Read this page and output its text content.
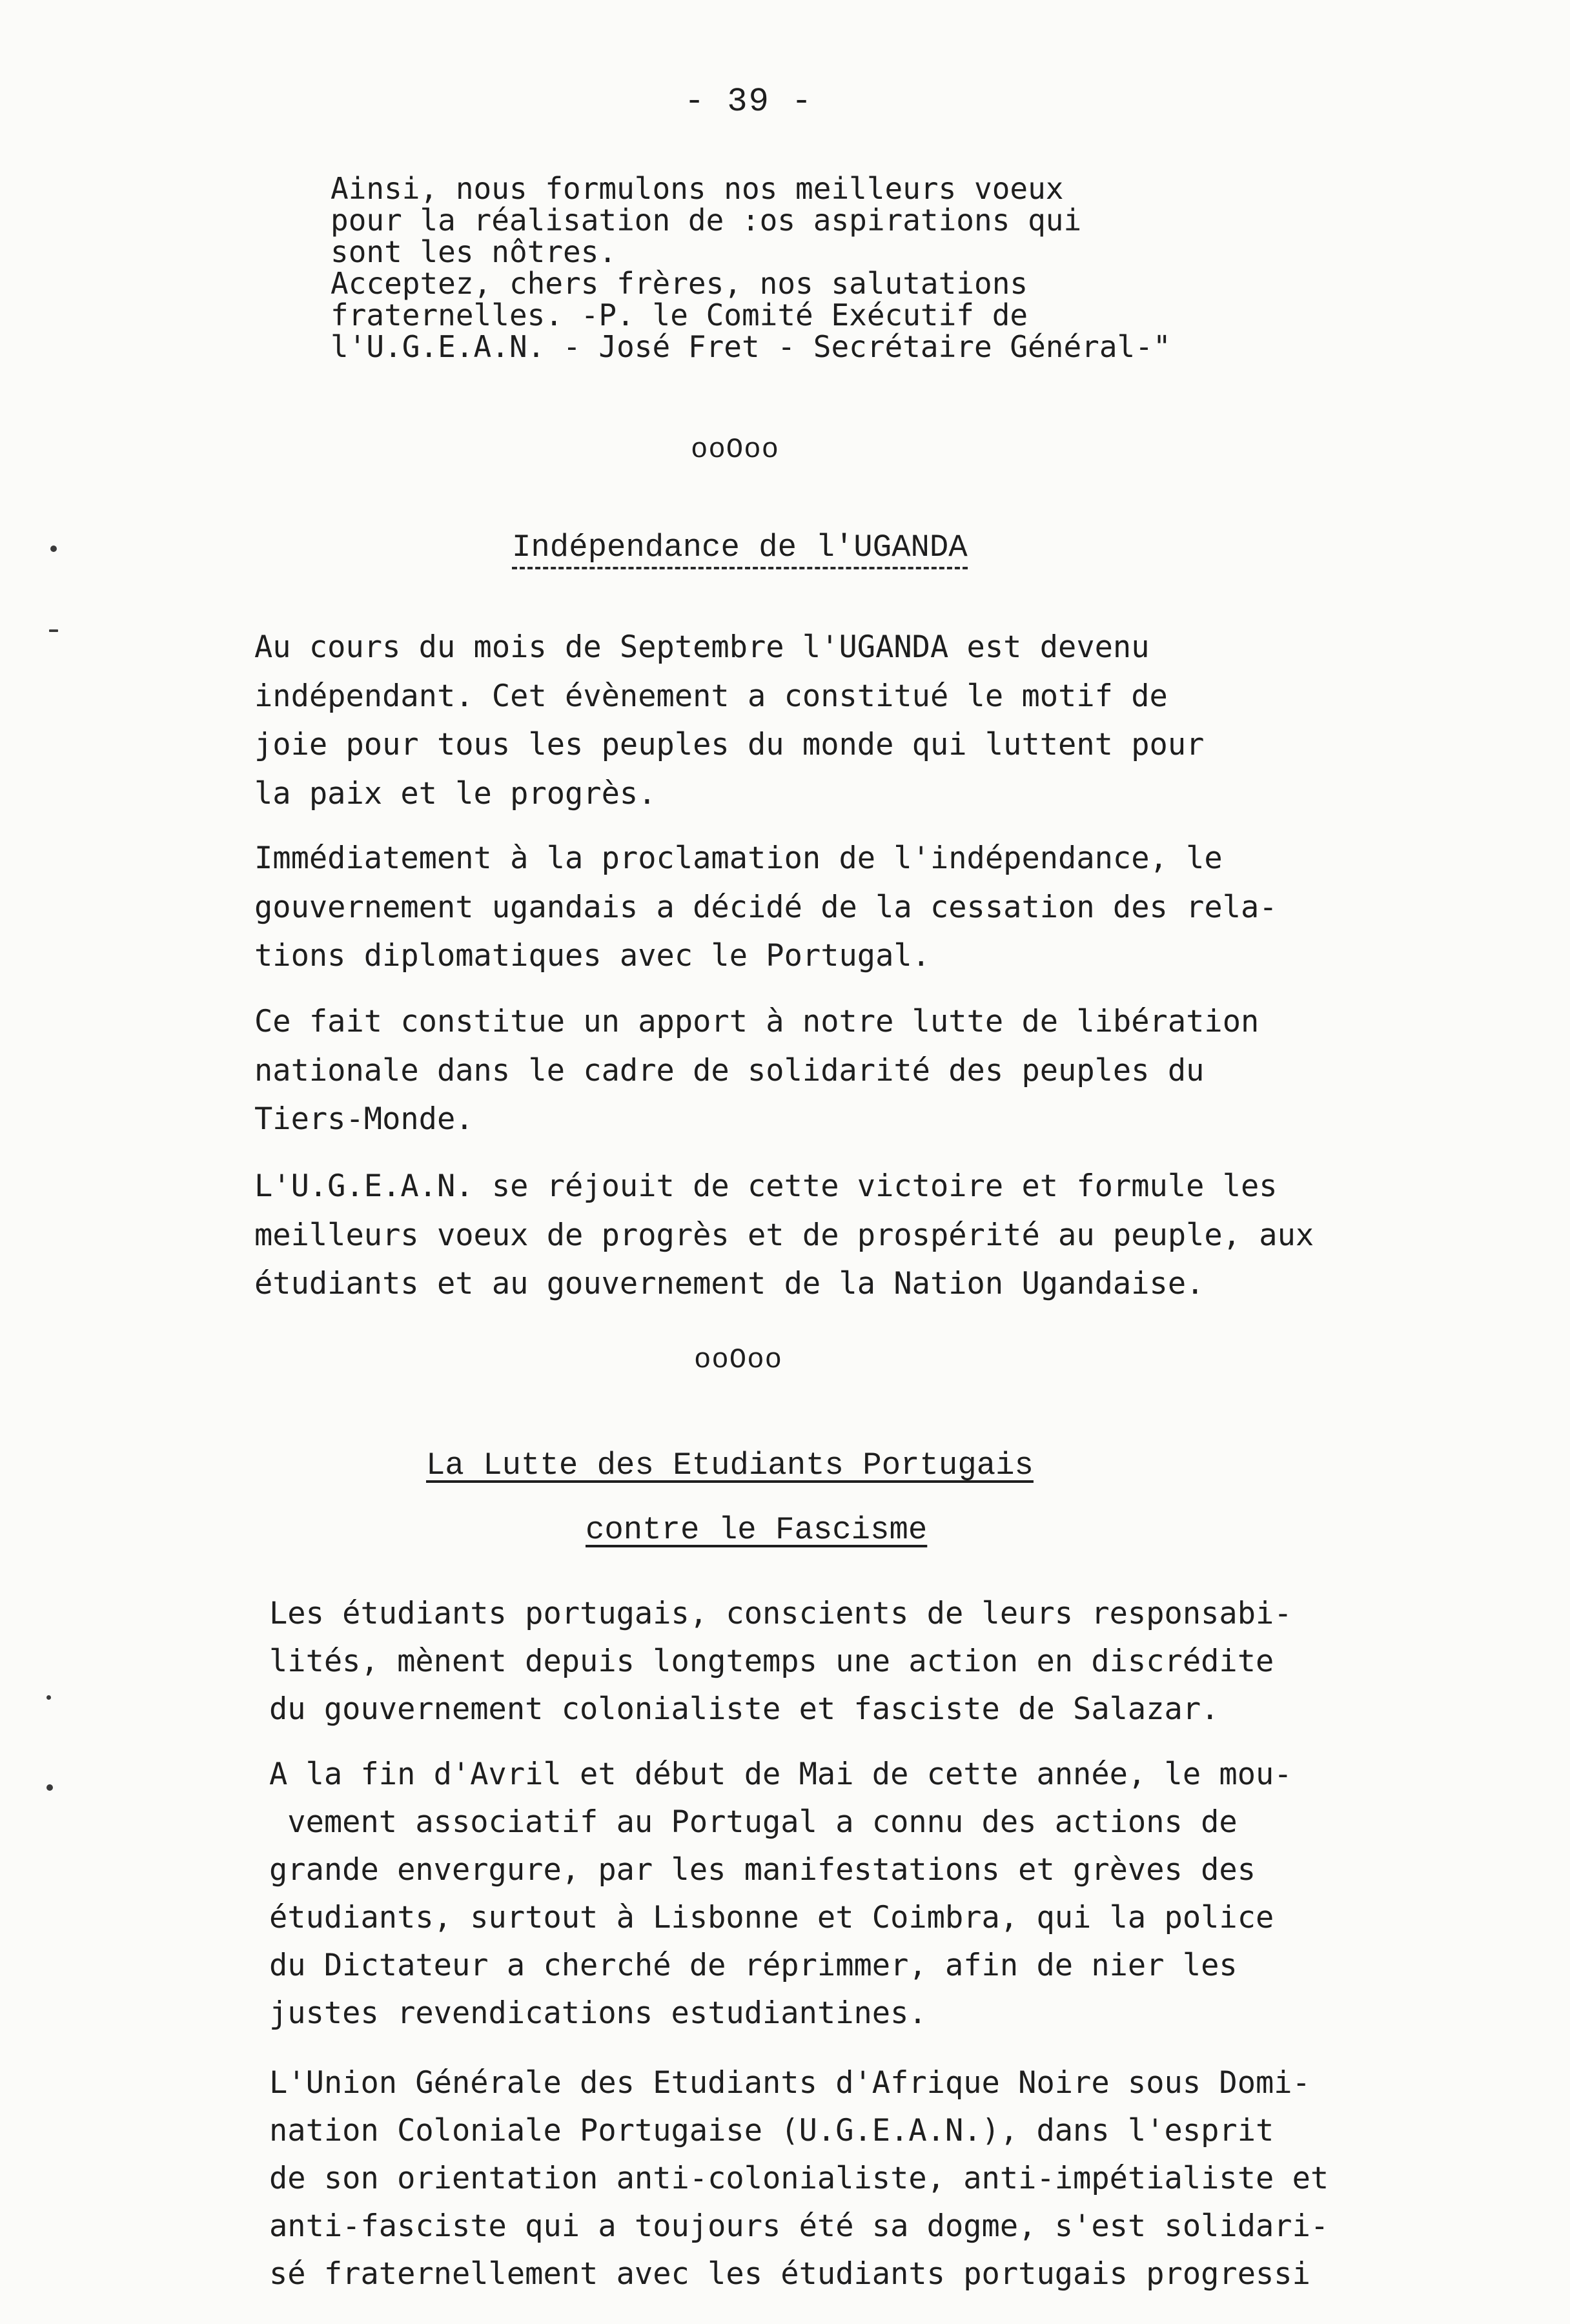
- 39 -
Ainsi, nous formulons nos meilleurs voeux
pour la réalisation de :os aspirations qui
sont les nôtres.
Acceptez, chers frères, nos salutations
fraternelles. -P. le Comité Exécutif de
l'U.G.E.A.N. - José Fret - Secrétaire Général-"
ooOoo
Indépendance de l'UGANDA
Au cours du mois de Septembre l'UGANDA est devenu
indépendant. Cet évènement a constitué le motif de
joie pour tous les peuples du monde qui luttent pour
la paix et le progrès.
Immédiatement à la proclamation de l'indépendance, le
gouvernement ugandais a décidé de la cessation des rela-
tions diplomatiques avec le Portugal.
Ce fait constitue un apport à notre lutte de libération
nationale dans le cadre de solidarité des peuples du
Tiers-Monde.
L'U.G.E.A.N. se réjouit de cette victoire et formule les
meilleurs voeux de progrès et de prospérité au peuple, aux
étudiants et au gouvernement de la Nation Ugandaise.
ooOoo
La Lutte des Etudiants Portugais
contre le Fascisme
Les étudiants portugais, conscients de leurs responsabi-
lités, mènent depuis longtemps une action en discrédite
du gouvernement colonialiste et fasciste de Salazar.
A la fin d'Avril et début de Mai de cette année, le mou-
vement associatif au Portugal a connu des actions de
grande envergure, par les manifestations et grèves des
étudiants, surtout à Lisbonne et Coimbra, qui la police
du Dictateur a cherché de réprimmer, afin de nier les
justes revendications estudiantines.
L'Union Générale des Etudiants d'Afrique Noire sous Domi-
nation Coloniale Portugaise (U.G.E.A.N.), dans l'esprit
de son orientation anti-colonialiste, anti-impétialiste et
anti-fasciste qui a toujours été sa dogme, s'est solidari-
sé fraternellement avec les étudiants portugais progressi
